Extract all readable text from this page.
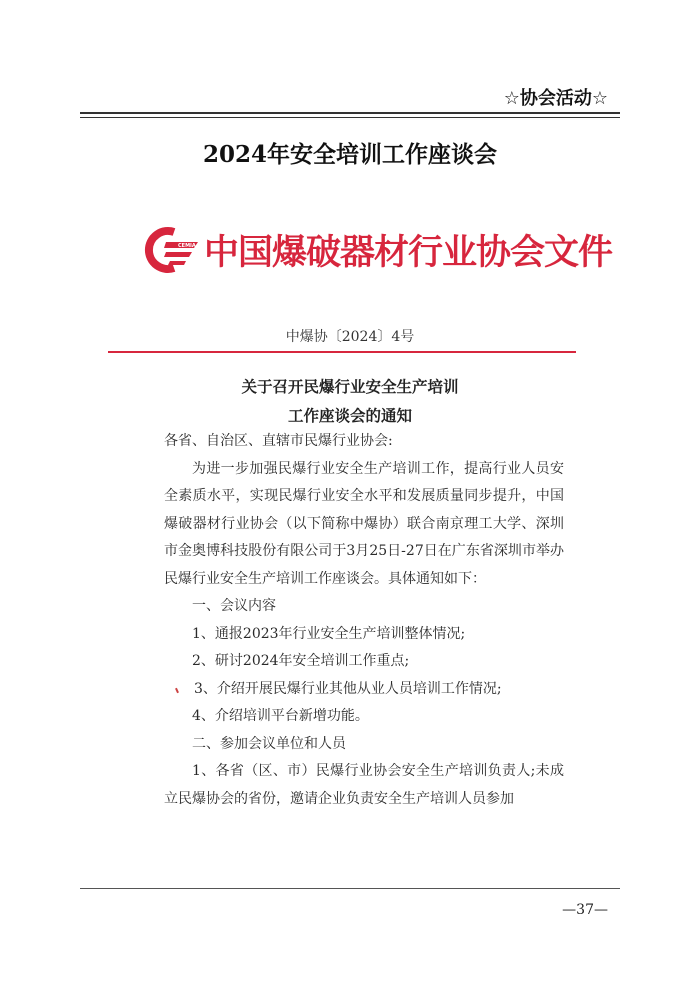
☆协会活动☆
2024年安全培训工作座谈会
CEMIA 中国爆破器材行业协会文件
中爆协〔2024〕4号
关于召开民爆行业安全生产培训
工作座谈会的通知

各省、自治区、直辖市民爆行业协会:

为进一步加强民爆行业安全生产培训工作，提高行业人员安全素质水平，实现民爆行业安全水平和发展质量同步提升，中国爆破器材行业协会（以下简称中爆协）联合南京理工大学、深圳市金奥博科技股份有限公司于3月25日-27日在广东省深圳市举办民爆行业安全生产培训工作座谈会。具体通知如下：

一、会议内容

1、通报2023年行业安全生产培训整体情况;

2、研讨2024年安全培训工作重点;

3、介绍开展民爆行业其他从业人员培训工作情况;

4、介绍培训平台新增功能。

二、参加会议单位和人员

1、各省（区、市）民爆行业协会安全生产培训负责人;未成立民爆协会的省份，邀请企业负责安全生产培训人员参加

—37—
